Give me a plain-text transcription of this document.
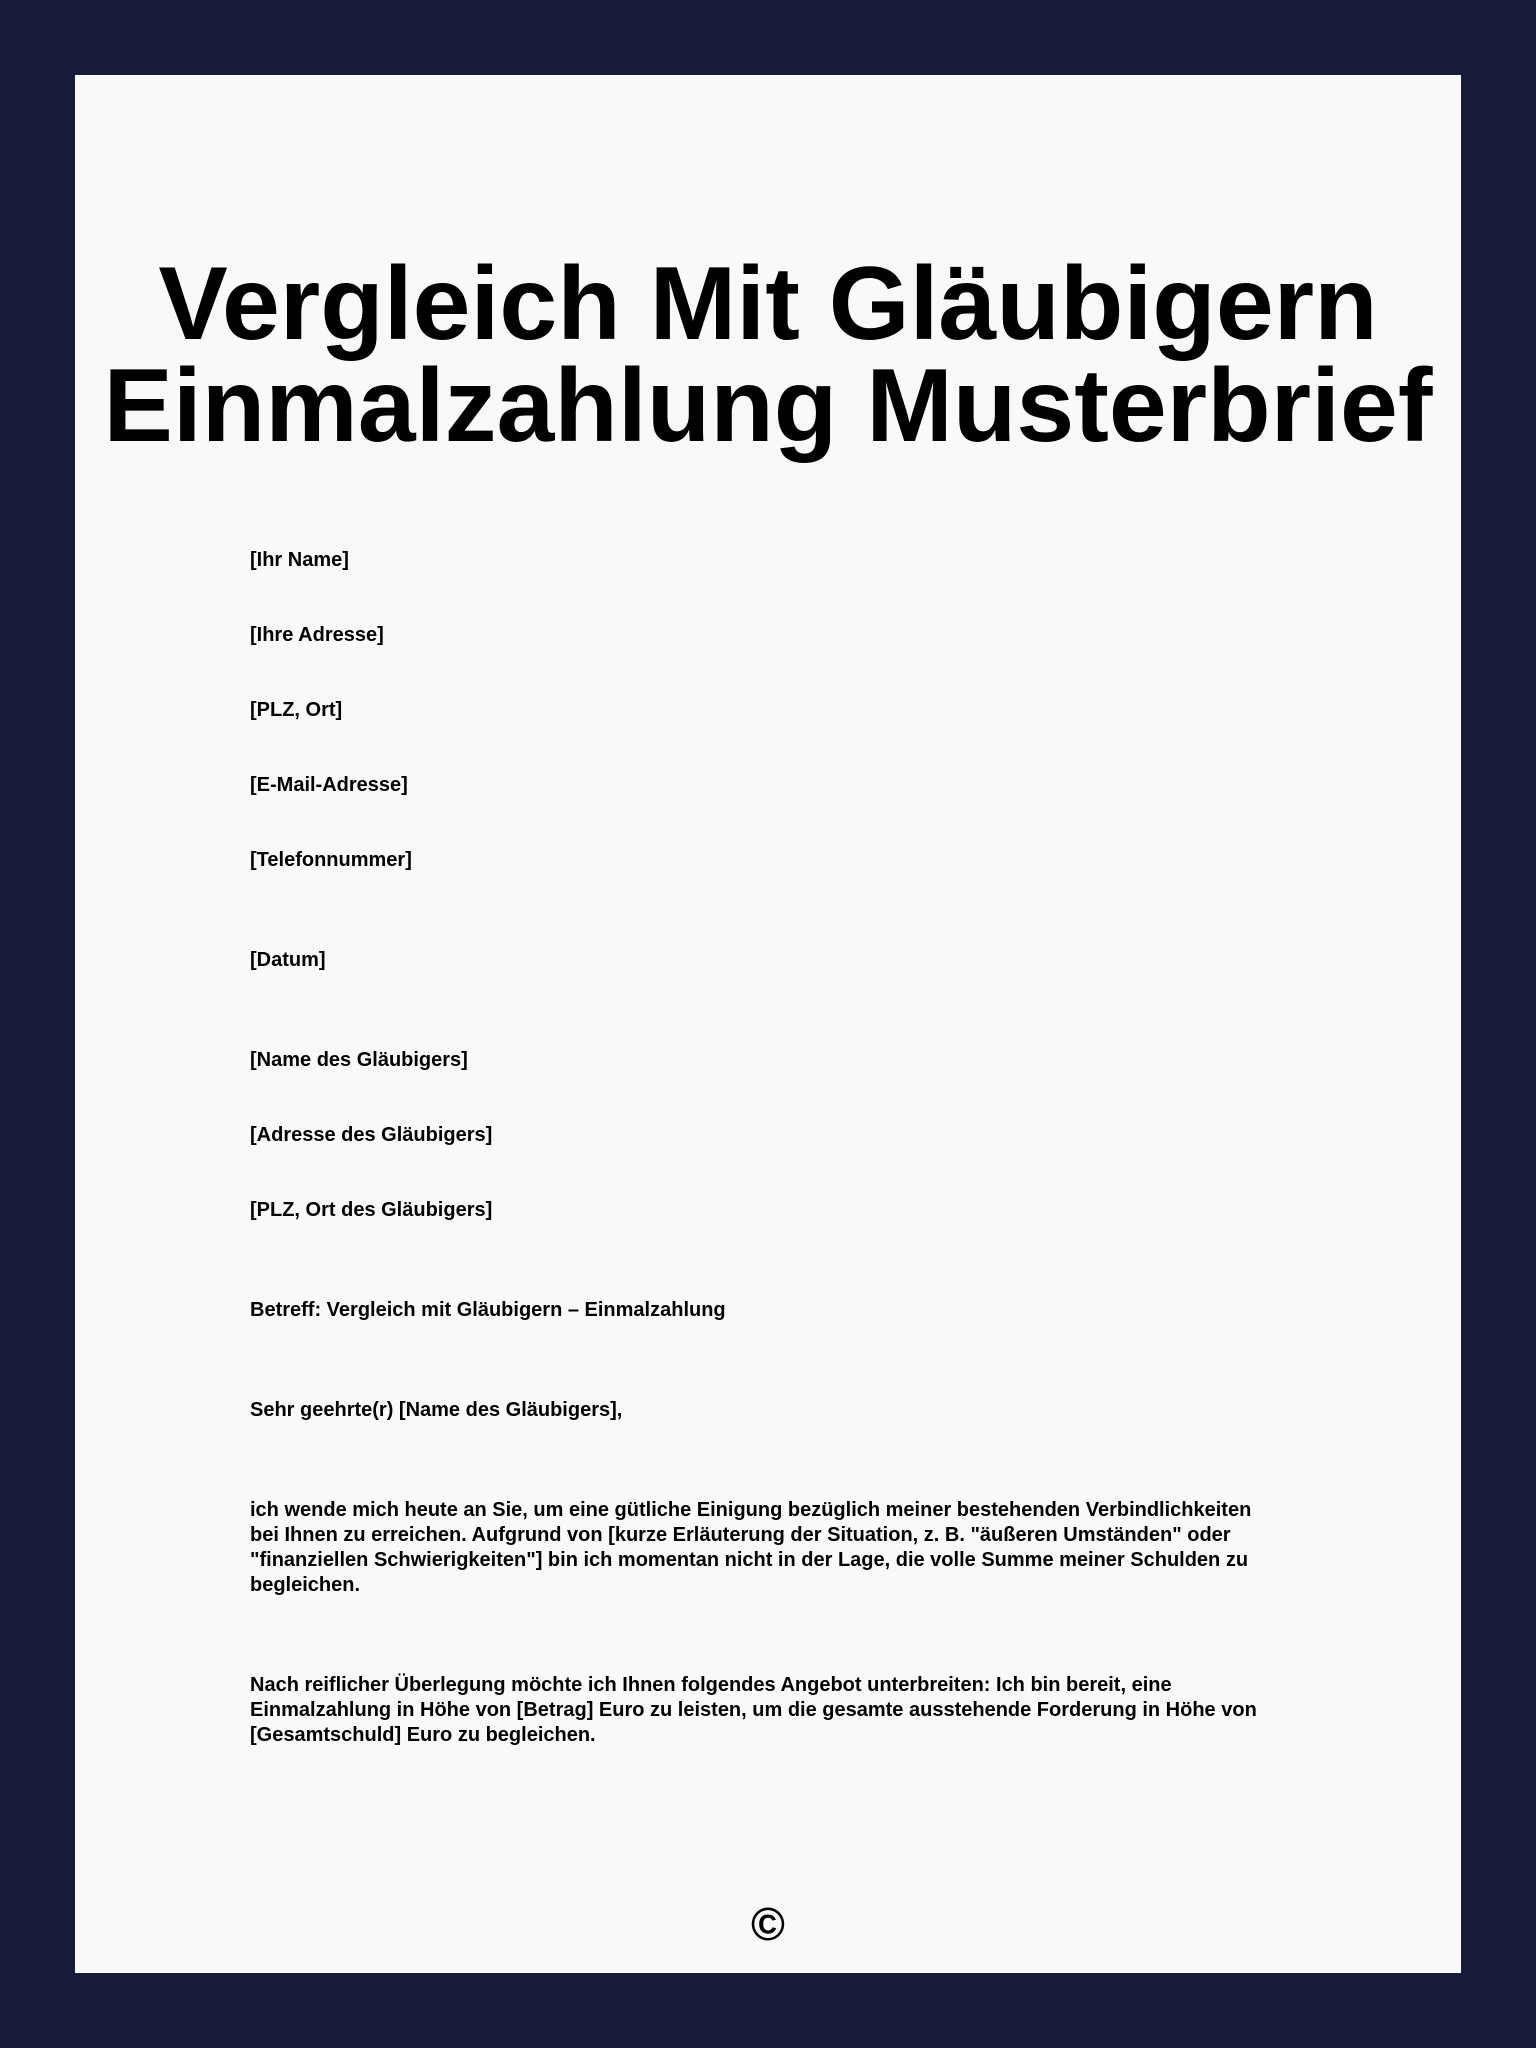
Vergleich Mit Gläubigern
Einmalzahlung Musterbrief

[Ihr Name]

[Ihre Adresse]

[PLZ, Ort]

[E-Mail-Adresse]

[Telefonnummer]

[Datum]

[Name des Gläubigers]

[Adresse des Gläubigers]

[PLZ, Ort des Gläubigers]

Betreff: Vergleich mit Gläubigern – Einmalzahlung

Sehr geehrte(r) [Name des Gläubigers],

ich wende mich heute an Sie, um eine gütliche Einigung bezüglich meiner bestehenden Verbindlichkeiten bei Ihnen zu erreichen. Aufgrund von [kurze Erläuterung der Situation, z. B. "äußeren Umständen" oder "finanziellen Schwierigkeiten"] bin ich momentan nicht in der Lage, die volle Summe meiner Schulden zu begleichen.

Nach reiflicher Überlegung möchte ich Ihnen folgendes Angebot unterbreiten: Ich bin bereit, eine Einmalzahlung in Höhe von [Betrag] Euro zu leisten, um die gesamte ausstehende Forderung in Höhe von [Gesamtschuld] Euro zu begleichen.

©
